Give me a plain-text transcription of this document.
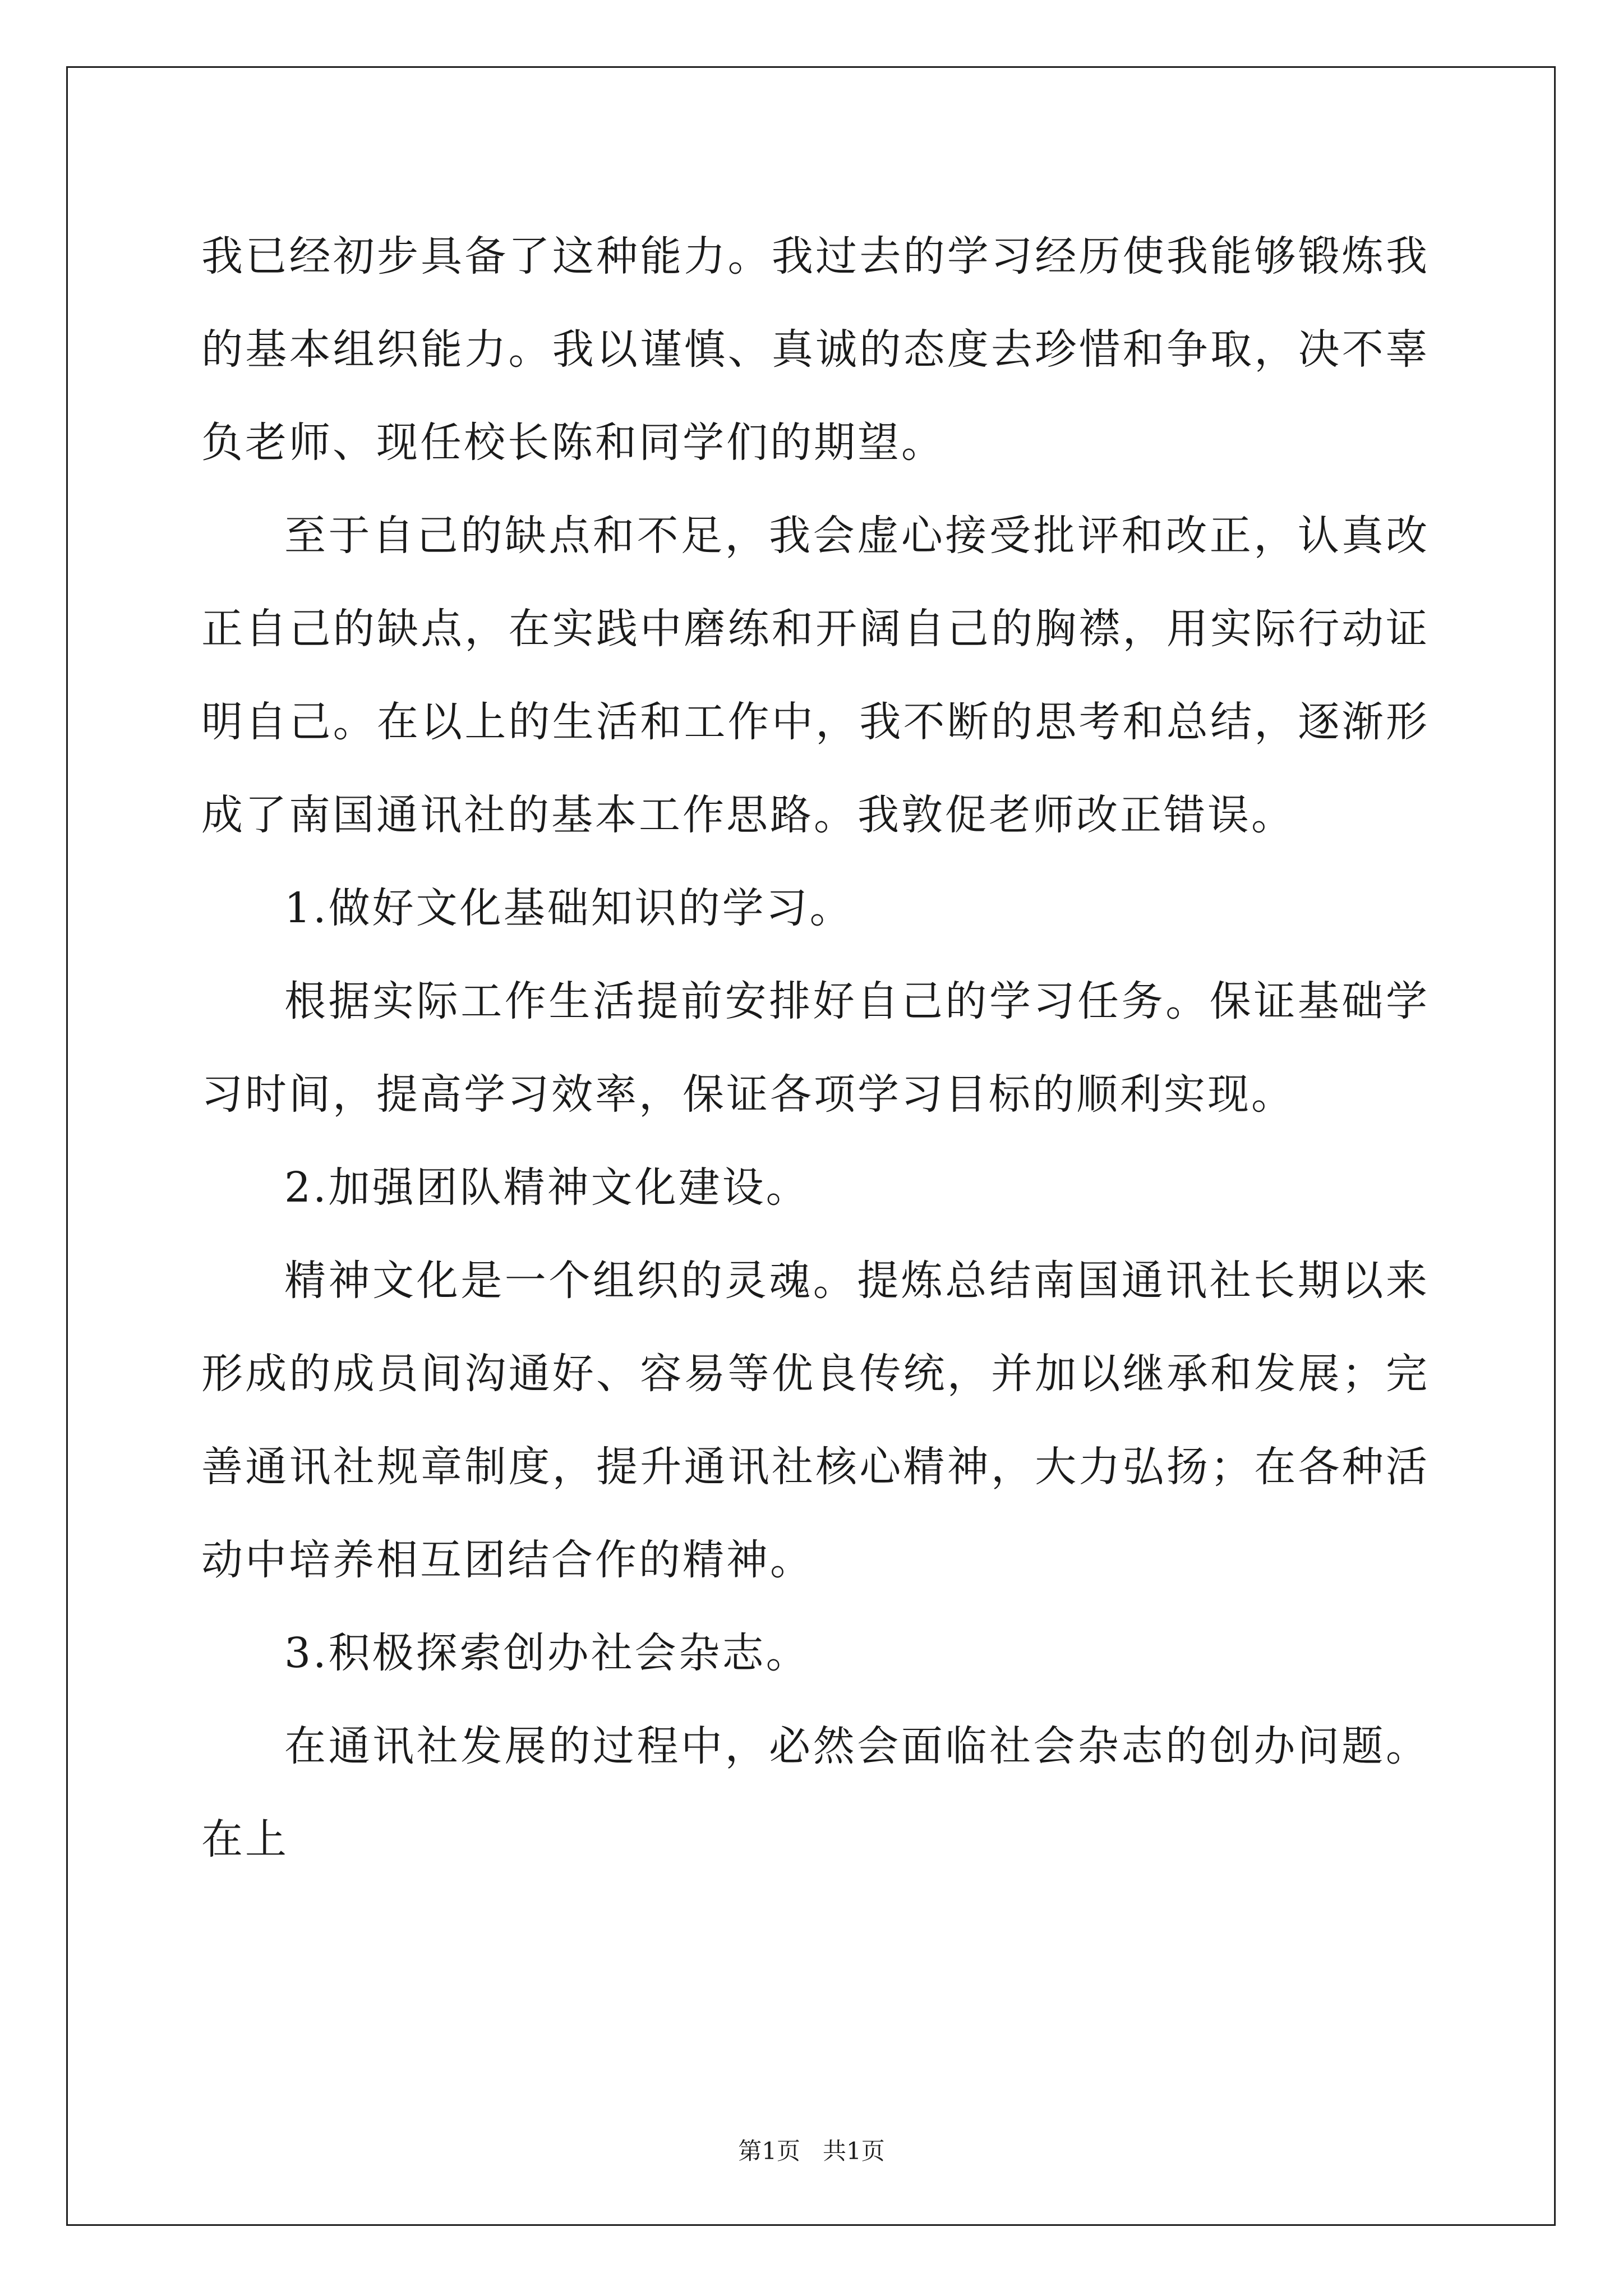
我已经初步具备了这种能力。我过去的学习经历使我能够锻炼我的基本组织能力。我以谨慎、真诚的态度去珍惜和争取，决不辜负老师、现任校长陈和同学们的期望。

至于自己的缺点和不足，我会虚心接受批评和改正，认真改正自己的缺点，在实践中磨练和开阔自己的胸襟，用实际行动证明自己。在以上的生活和工作中，我不断的思考和总结，逐渐形成了南国通讯社的基本工作思路。我敦促老师改正错误。

1.做好文化基础知识的学习。

根据实际工作生活提前安排好自己的学习任务。保证基础学习时间，提高学习效率，保证各项学习目标的顺利实现。

2.加强团队精神文化建设。

精神文化是一个组织的灵魂。提炼总结南国通讯社长期以来形成的成员间沟通好、容易等优良传统，并加以继承和发展；完善通讯社规章制度，提升通讯社核心精神，大力弘扬；在各种活动中培养相互团结合作的精神。

3.积极探索创办社会杂志。

在通讯社发展的过程中，必然会面临社会杂志的创办问题。在上

第1页   共1页
